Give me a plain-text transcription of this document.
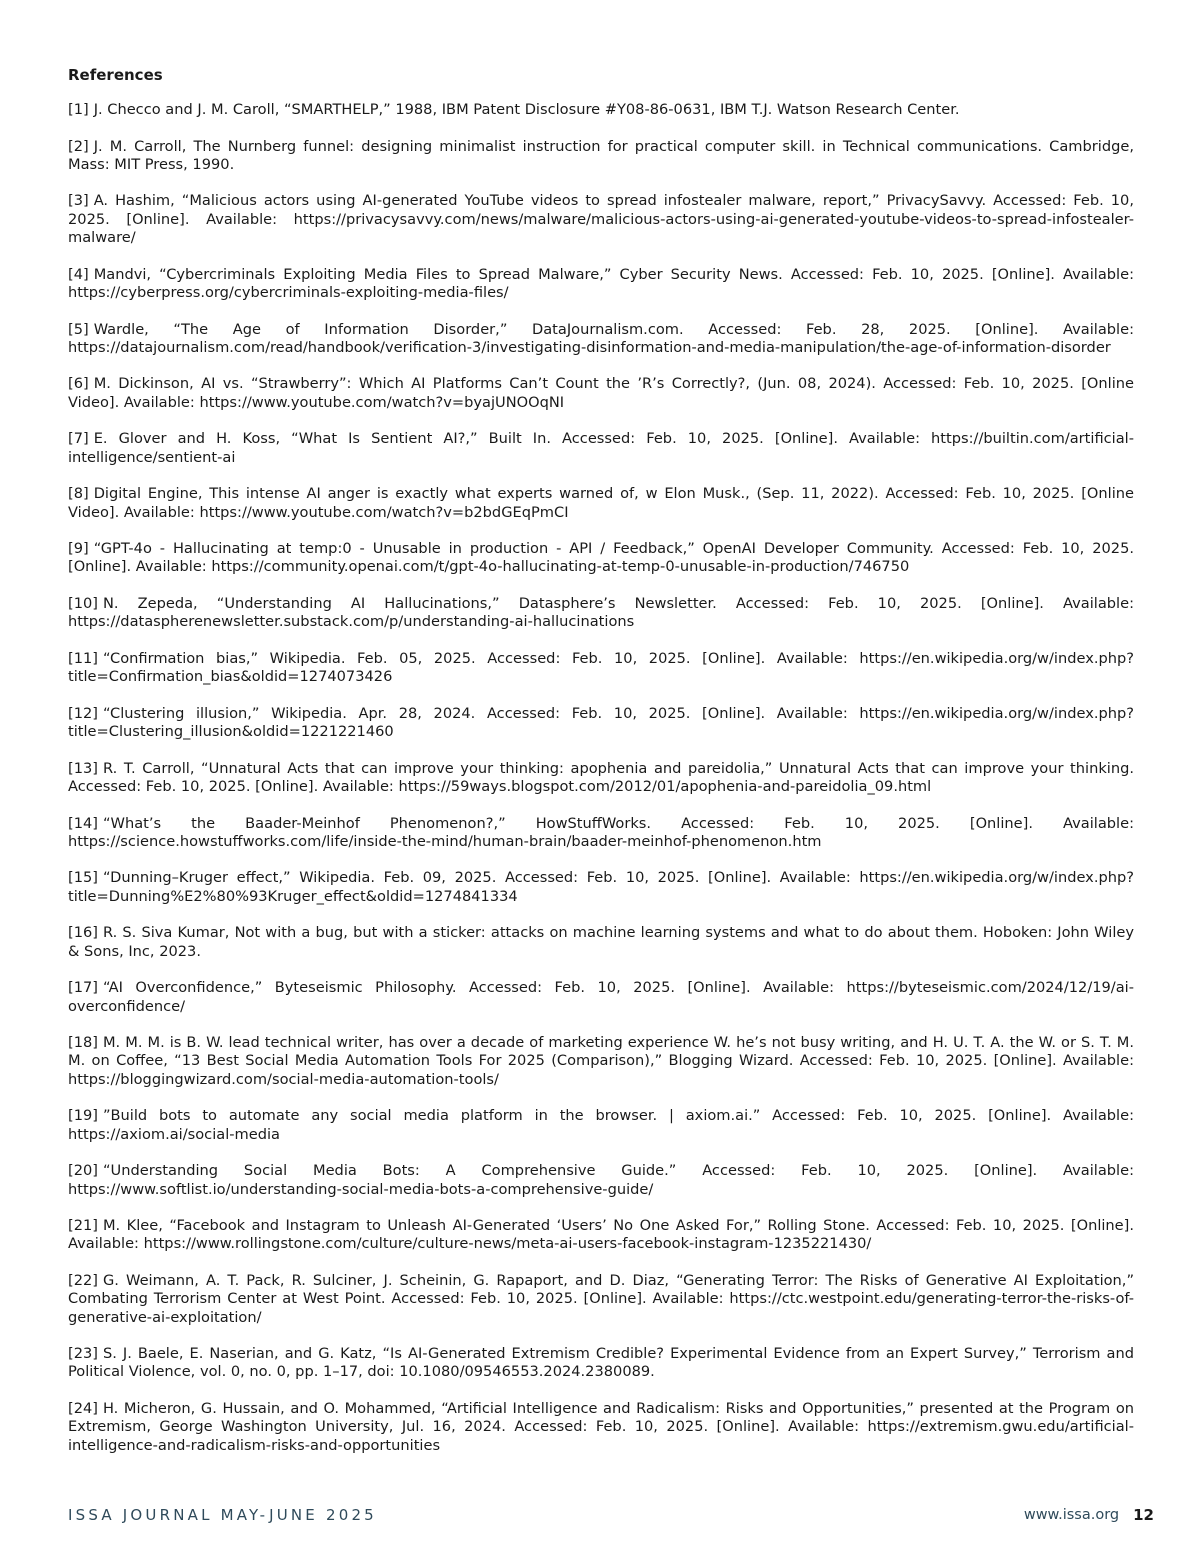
References

[1] J. Checco and J. M. Caroll, “SMARTHELP,” 1988, IBM Patent Disclosure #Y08-86-0631, IBM T.J. Watson Research Center.

[2] J. M. Carroll, The Nurnberg funnel: designing minimalist instruction for practical computer skill. in Technical communications. Cambridge, Mass: MIT Press, 1990.

[3] A. Hashim, “Malicious actors using AI-generated YouTube videos to spread infostealer malware, report,” PrivacySavvy. Accessed: Feb. 10, 2025. [Online]. Available: https://privacysavvy.com/news/malware/malicious-actors-using-ai-generated-youtube-videos-to-spread-infostealer-malware/

[4] Mandvi, “Cybercriminals Exploiting Media Files to Spread Malware,” Cyber Security News. Accessed: Feb. 10, 2025. [Online]. Available: https://cyberpress.org/cybercriminals-exploiting-media-files/

[5] Wardle, “The Age of Information Disorder,” DataJournalism.com. Accessed: Feb. 28, 2025. [Online]. Available: https://datajournalism.com/read/handbook/verification-3/investigating-disinformation-and-media-manipulation/the-age-of-information-disorder

[6] M. Dickinson, AI vs. “Strawberry”: Which AI Platforms Can’t Count the ’R’s Correctly?, (Jun. 08, 2024). Accessed: Feb. 10, 2025. [Online Video]. Available: https://www.youtube.com/watch?v=byajUNOOqNI

[7] E. Glover and H. Koss, “What Is Sentient AI?,” Built In. Accessed: Feb. 10, 2025. [Online]. Available: https://builtin.com/artificial-intelligence/sentient-ai

[8] Digital Engine, This intense AI anger is exactly what experts warned of, w Elon Musk., (Sep. 11, 2022). Accessed: Feb. 10, 2025. [Online Video]. Available: https://www.youtube.com/watch?v=b2bdGEqPmCI

[9] “GPT-4o - Hallucinating at temp:0 - Unusable in production - API / Feedback,” OpenAI Developer Community. Accessed: Feb. 10, 2025. [Online]. Available: https://community.openai.com/t/gpt-4o-hallucinating-at-temp-0-unusable-in-production/746750

[10] N. Zepeda, “Understanding AI Hallucinations,” Datasphere’s Newsletter. Accessed: Feb. 10, 2025. [Online]. Available: https://dataspherenewsletter.substack.com/p/understanding-ai-hallucinations

[11] “Confirmation bias,” Wikipedia. Feb. 05, 2025. Accessed: Feb. 10, 2025. [Online]. Available: https://en.wikipedia.org/w/index.php?title=Confirmation_bias&oldid=1274073426

[12] “Clustering illusion,” Wikipedia. Apr. 28, 2024. Accessed: Feb. 10, 2025. [Online]. Available: https://en.wikipedia.org/w/index.php?title=Clustering_illusion&oldid=1221221460

[13] R. T. Carroll, “Unnatural Acts that can improve your thinking: apophenia and pareidolia,” Unnatural Acts that can improve your thinking. Accessed: Feb. 10, 2025. [Online]. Available: https://59ways.blogspot.com/2012/01/apophenia-and-pareidolia_09.html

[14] “What’s the Baader-Meinhof Phenomenon?,” HowStuffWorks. Accessed: Feb. 10, 2025. [Online]. Available: https://science.howstuffworks.com/life/inside-the-mind/human-brain/baader-meinhof-phenomenon.htm

[15] “Dunning–Kruger effect,” Wikipedia. Feb. 09, 2025. Accessed: Feb. 10, 2025. [Online]. Available: https://en.wikipedia.org/w/index.php?title=Dunning%E2%80%93Kruger_effect&oldid=1274841334

[16] R. S. Siva Kumar, Not with a bug, but with a sticker: attacks on machine learning systems and what to do about them. Hoboken: John Wiley & Sons, Inc, 2023.

[17] “AI Overconfidence,” Byteseismic Philosophy. Accessed: Feb. 10, 2025. [Online]. Available: https://byteseismic.com/2024/12/19/ai-overconfidence/

[18] M. M. M. is B. W. lead technical writer, has over a decade of marketing experience W. he’s not busy writing, and H. U. T. A. the W. or S. T. M. M. on Coffee, “13 Best Social Media Automation Tools For 2025 (Comparison),” Blogging Wizard. Accessed: Feb. 10, 2025. [Online]. Available: https://bloggingwizard.com/social-media-automation-tools/

[19] ”Build bots to automate any social media platform in the browser. | axiom.ai.” Accessed: Feb. 10, 2025. [Online]. Available: https://axiom.ai/social-media

[20] “Understanding Social Media Bots: A Comprehensive Guide.” Accessed: Feb. 10, 2025. [Online]. Available: https://www.softlist.io/understanding-social-media-bots-a-comprehensive-guide/

[21] M. Klee, “Facebook and Instagram to Unleash AI-Generated ‘Users’ No One Asked For,” Rolling Stone. Accessed: Feb. 10, 2025. [Online]. Available: https://www.rollingstone.com/culture/culture-news/meta-ai-users-facebook-instagram-1235221430/

[22] G. Weimann, A. T. Pack, R. Sulciner, J. Scheinin, G. Rapaport, and D. Diaz, “Generating Terror: The Risks of Generative AI Exploitation,” Combating Terrorism Center at West Point. Accessed: Feb. 10, 2025. [Online]. Available: https://ctc.westpoint.edu/generating-terror-the-risks-of-generative-ai-exploitation/

[23] S. J. Baele, E. Naserian, and G. Katz, “Is AI-Generated Extremism Credible? Experimental Evidence from an Expert Survey,” Terrorism and Political Violence, vol. 0, no. 0, pp. 1–17, doi: 10.1080/09546553.2024.2380089.

[24] H. Micheron, G. Hussain, and O. Mohammed, “Artificial Intelligence and Radicalism: Risks and Opportunities,” presented at the Program on Extremism, George Washington University, Jul. 16, 2024. Accessed: Feb. 10, 2025. [Online]. Available: https://extremism.gwu.edu/artificial-intelligence-and-radicalism-risks-and-opportunities

ISSA JOURNAL MAY-JUNE 2025	www.issa.org 12
